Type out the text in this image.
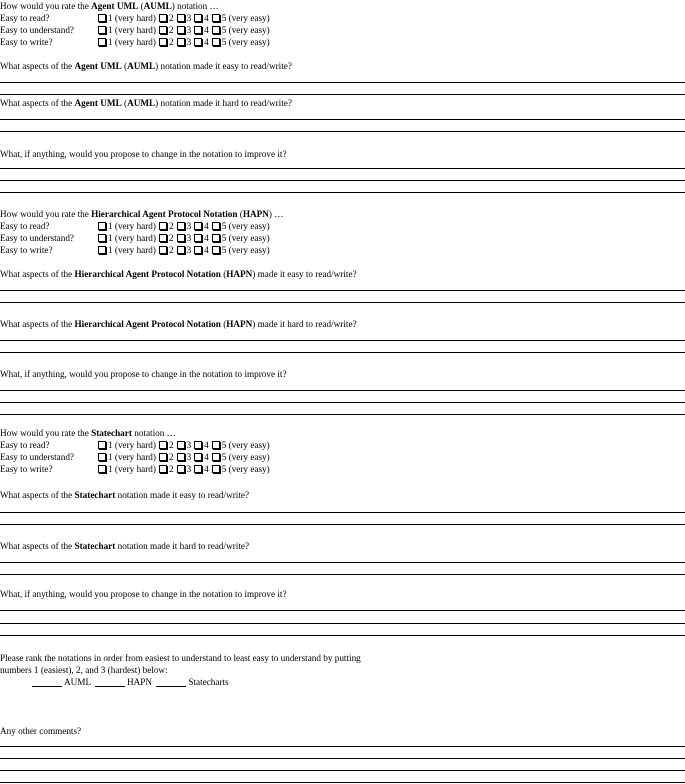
How would you rate the Agent UML (AUML) notation …
Easy to read?	1 (very hard) 2 3 4 5 (very easy)
Easy to understand?	1 (very hard) 2 3 4 5 (very easy)
Easy to write?	1 (very hard) 2 3 4 5 (very easy)
What aspects of the Agent UML (AUML) notation made it easy to read/write?
What aspects of the Agent UML (AUML) notation made it hard to read/write?
What, if anything, would you propose to change in the notation to improve it?
How would you rate the Hierarchical Agent Protocol Notation (HAPN) …
Easy to read?	1 (very hard) 2 3 4 5 (very easy)
Easy to understand?	1 (very hard) 2 3 4 5 (very easy)
Easy to write?	1 (very hard) 2 3 4 5 (very easy)
What aspects of the Hierarchical Agent Protocol Notation (HAPN) made it easy to read/write?
What aspects of the Hierarchical Agent Protocol Notation (HAPN) made it hard to read/write?
What, if anything, would you propose to change in the notation to improve it?
How would you rate the Statechart notation …
Easy to read?	1 (very hard) 2 3 4 5 (very easy)
Easy to understand?	1 (very hard) 2 3 4 5 (very easy)
Easy to write?	1 (very hard) 2 3 4 5 (very easy)
What aspects of the Statechart notation made it easy to read/write?
What aspects of the Statechart notation made it hard to read/write?
What, if anything, would you propose to change in the notation to improve it?
Please rank the notations in order from easiest to understand to least easy to understand by putting
numbers 1 (easiest), 2, and 3 (hardest) below:
AUML	HAPN	Statecharts
Any other comments?
